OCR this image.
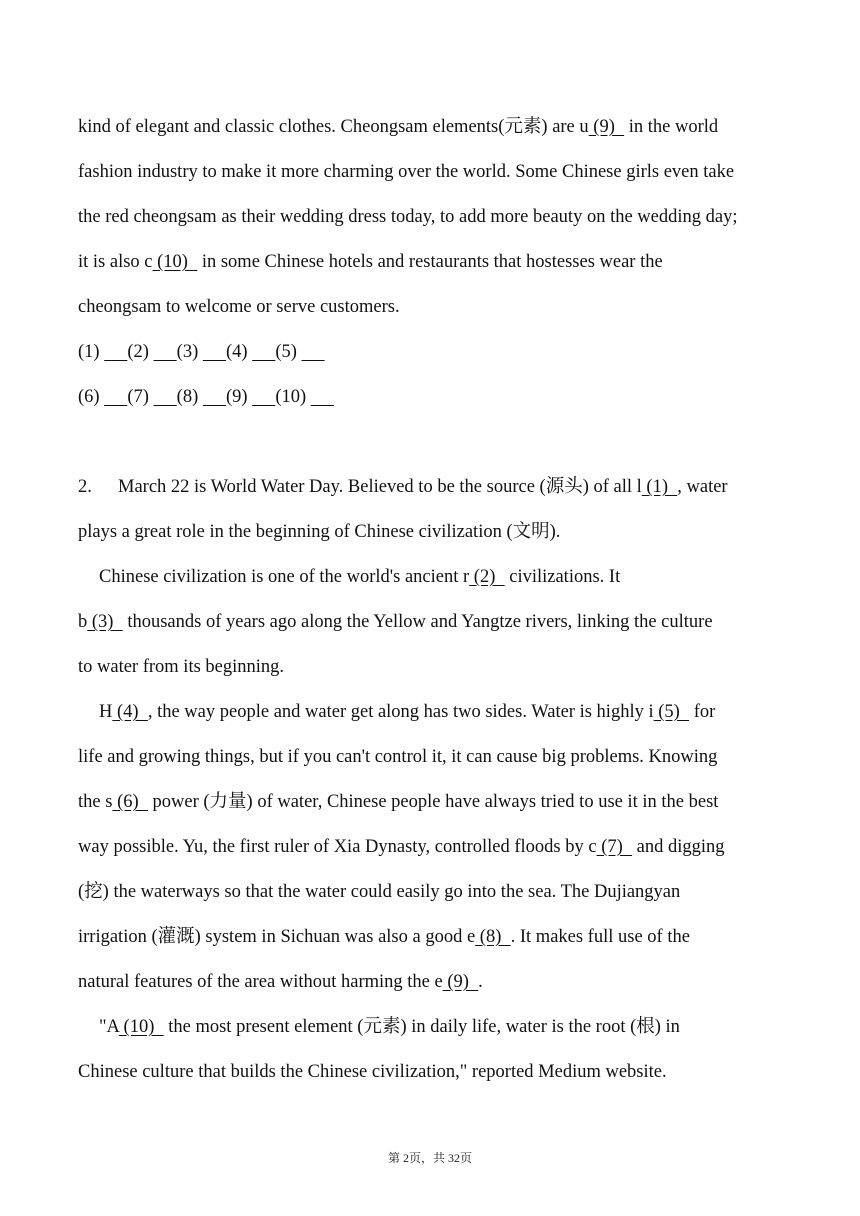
kind of elegant and classic clothes. Cheongsam elements(元素) are u (9)   in the world
fashion industry to make it more charming over the world. Some Chinese girls even take
the red cheongsam as their wedding dress today, to add more beauty on the wedding day;
it is also c (10)   in some Chinese hotels and restaurants that hostesses wear the
cheongsam to welcome or serve customers.
(1)      (2)      (3)      (4)      (5)
(6)      (7)      (8)      (9)      (10)
2. March 22 is World Water Day. Believed to be the source (源头) of all l (1)  , water
plays a great role in the beginning of Chinese civilization (文明).
Chinese civilization is one of the world's ancient r (2)   civilizations. It
b (3)   thousands of years ago along the Yellow and Yangtze rivers, linking the culture
to water from its beginning.
H (4)  , the way people and water get along has two sides. Water is highly i (5)   for
life and growing things, but if you can't control it, it can cause big problems. Knowing
the s (6)   power (力量) of water, Chinese people have always tried to use it in the best
way possible. Yu, the first ruler of Xia Dynasty, controlled floods by c (7)   and digging
(挖) the waterways so that the water could easily go into the sea. The Dujiangyan
irrigation (灌溉) system in Sichuan was also a good e (8)  . It makes full use of the
natural features of the area without harming the e (9)  .
"A (10)   the most present element (元素) in daily life, water is the root (根) in
Chinese culture that builds the Chinese civilization," reported Medium website.
第 2页，共 32页
